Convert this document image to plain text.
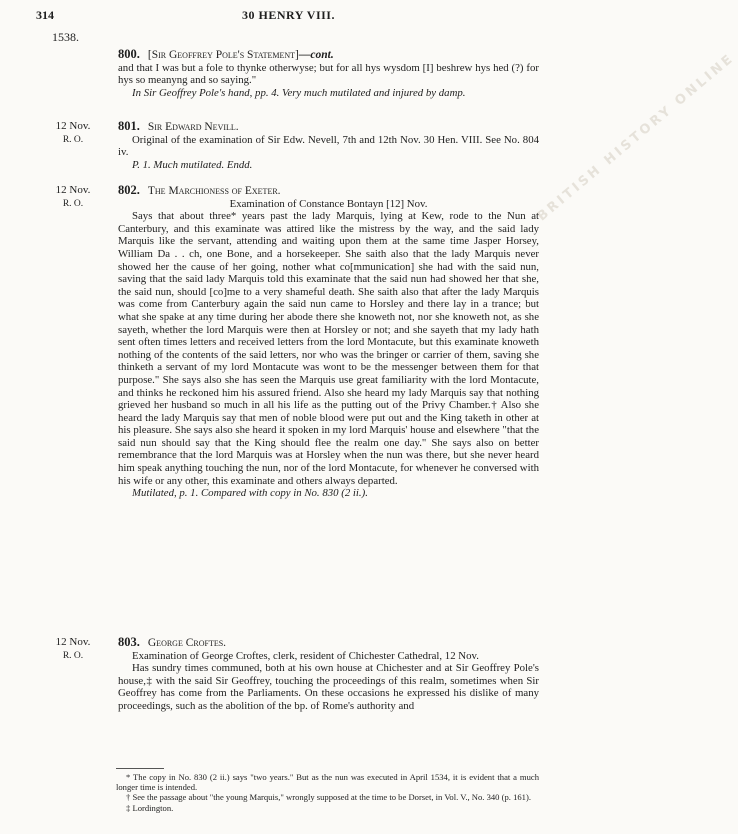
BRITISH HISTORY ONLINE
314	30 HENRY VIII.
1538.
800. [Sir Geoffrey Pole's Statement]—cont.

and that I was but a fole to thynke otherwyse; but for all hys wysdom [I] beshrew hys hed (?) for hys so meanyng and so saying."

In Sir Geoffrey Pole's hand, pp. 4. Very much mutilated and injured by damp.

12 Nov.
R. O.
801. Sir Edward Nevill.

Original of the examination of Sir Edw. Nevell, 7th and 12th Nov. 30 Hen. VIII. See No. 804 iv.

P. 1. Much mutilated. Endd.

12 Nov.
R. O.
802. The Marchioness of Exeter.

Examination of Constance Bontayn [12] Nov.

Says that about three* years past the lady Marquis, lying at Kew, rode to the Nun at Canterbury, and this examinate was attired like the mistress by the way, and the said lady Marquis like the servant, attending and waiting upon them at the same time Jasper Horsey, William Da . . ch, one Bone, and a horsekeeper. She saith also that the lady Marquis never showed her the cause of her going, nother what co[mmunication] she had with the said nun, saving that the said lady Marquis told this examinate that the said nun had showed her that she, the said nun, should [co]me to a very shameful death. She saith also that after the lady Marquis was come from Canterbury again the said nun came to Horsley and there lay in a trance; but what she spake at any time during her abode there she knoweth not, nor she knoweth not, as she sayeth, whether the lord Marquis were then at Horsley or not; and she sayeth that my lady hath sent often times letters and received letters from the lord Montacute, but this examinate knoweth nothing of the contents of the said letters, nor who was the bringer or carrier of them, saving she thinketh a servant of my lord Montacute was wont to be the messenger between them for that purpose." She says also she has seen the Marquis use great familiarity with the lord Montacute, and thinks he reckoned him his assured friend. Also she heard my lady Marquis say that nothing grieved her husband so much in all his life as the putting out of the Privy Chamber.† Also she heard the lady Marquis say that men of noble blood were put out and the King taketh in other at his pleasure. She says also she heard it spoken in my lord Marquis' house and elsewhere "that the said nun should say that the King should flee the realm one day." She says also on better remembrance that the lord Marquis was at Horsley when the nun was there, but she never heard him speak anything touching the nun, nor of the lord Montacute, for whenever he conversed with his wife or any other, this examinate and others always departed.

Mutilated, p. 1. Compared with copy in No. 830 (2 ii.).

12 Nov.
R. O.
803. George Croftes.

Examination of George Croftes, clerk, resident of Chichester Cathedral, 12 Nov.

Has sundry times communed, both at his own house at Chichester and at Sir Geoffrey Pole's house,‡ with the said Sir Geoffrey, touching the proceedings of this realm, sometimes when Sir Geoffrey has come from the Parliaments. On these occasions he expressed his dislike of many proceedings, such as the abolition of the bp. of Rome's authority and

* The copy in No. 830 (2 ii.) says "two years." But as the nun was executed in April 1534, it is evident that a much longer time is intended.

† See the passage about "the young Marquis," wrongly supposed at the time to be Dorset, in Vol. V., No. 340 (p. 161).

‡ Lordington.
